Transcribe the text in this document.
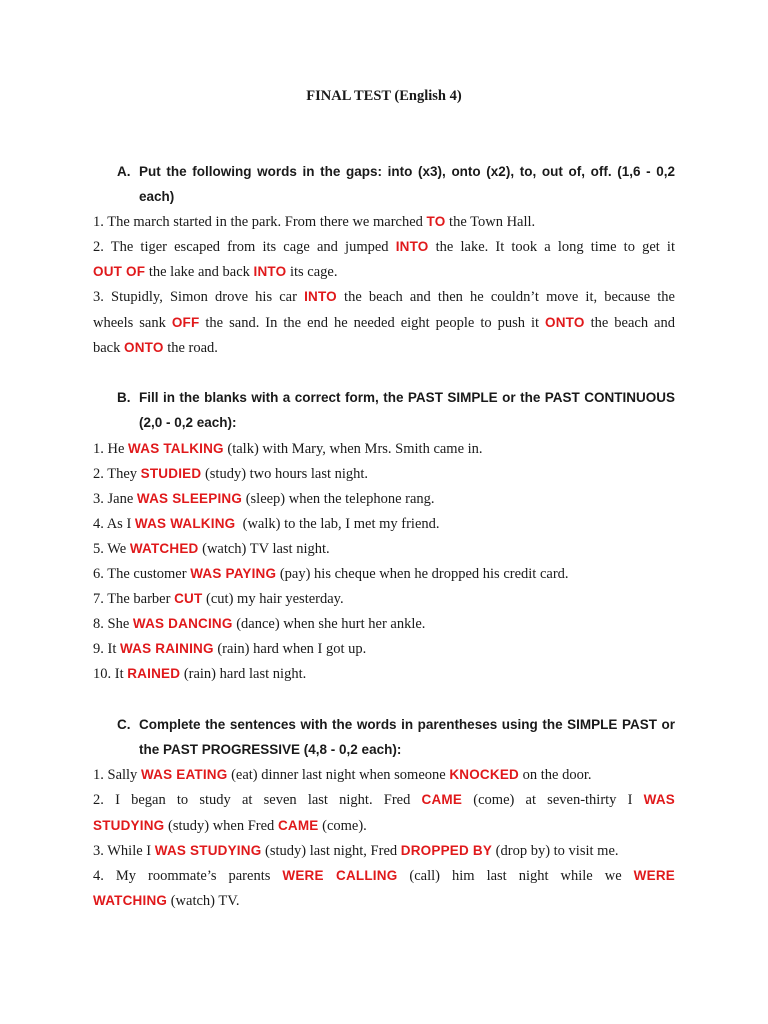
FINAL TEST (English 4)
A. Put the following words in the gaps: into (x3), onto (x2), to, out of, off. (1,6 - 0,2 each)
1. The march started in the park. From there we marched TO the Town Hall.
2. The tiger escaped from its cage and jumped INTO the lake. It took a long time to get it
OUT OF the lake and back INTO its cage.
3. Stupidly, Simon drove his car INTO the beach and then he couldn’t move it, because the
wheels sank OFF the sand. In the end he needed eight people to push it ONTO the beach and
back ONTO the road.
B. Fill in the blanks with a correct form, the PAST SIMPLE or the PAST CONTINUOUS (2,0 - 0,2 each):
1. He WAS TALKING (talk) with Mary, when Mrs. Smith came in.
2. They STUDIED (study) two hours last night.
3. Jane WAS SLEEPING (sleep) when the telephone rang.
4. As I WAS WALKING  (walk) to the lab, I met my friend.
5. We WATCHED (watch) TV last night.
6. The customer WAS PAYING (pay) his cheque when he dropped his credit card.
7. The barber CUT (cut) my hair yesterday.
8. She WAS DANCING (dance) when she hurt her ankle.
9. It WAS RAINING (rain) hard when I got up.
10. It RAINED (rain) hard last night.
C. Complete the sentences with the words in parentheses using the SIMPLE PAST or the PAST PROGRESSIVE (4,8 - 0,2 each):
1. Sally WAS EATING (eat) dinner last night when someone KNOCKED on the door.
2. I began to study at seven last night. Fred CAME (come) at seven-thirty I WAS
STUDYING (study) when Fred CAME (come).
3. While I WAS STUDYING (study) last night, Fred DROPPED BY (drop by) to visit me.
4. My roommate’s parents WERE CALLING (call) him last night while we WERE
WATCHING (watch) TV.
